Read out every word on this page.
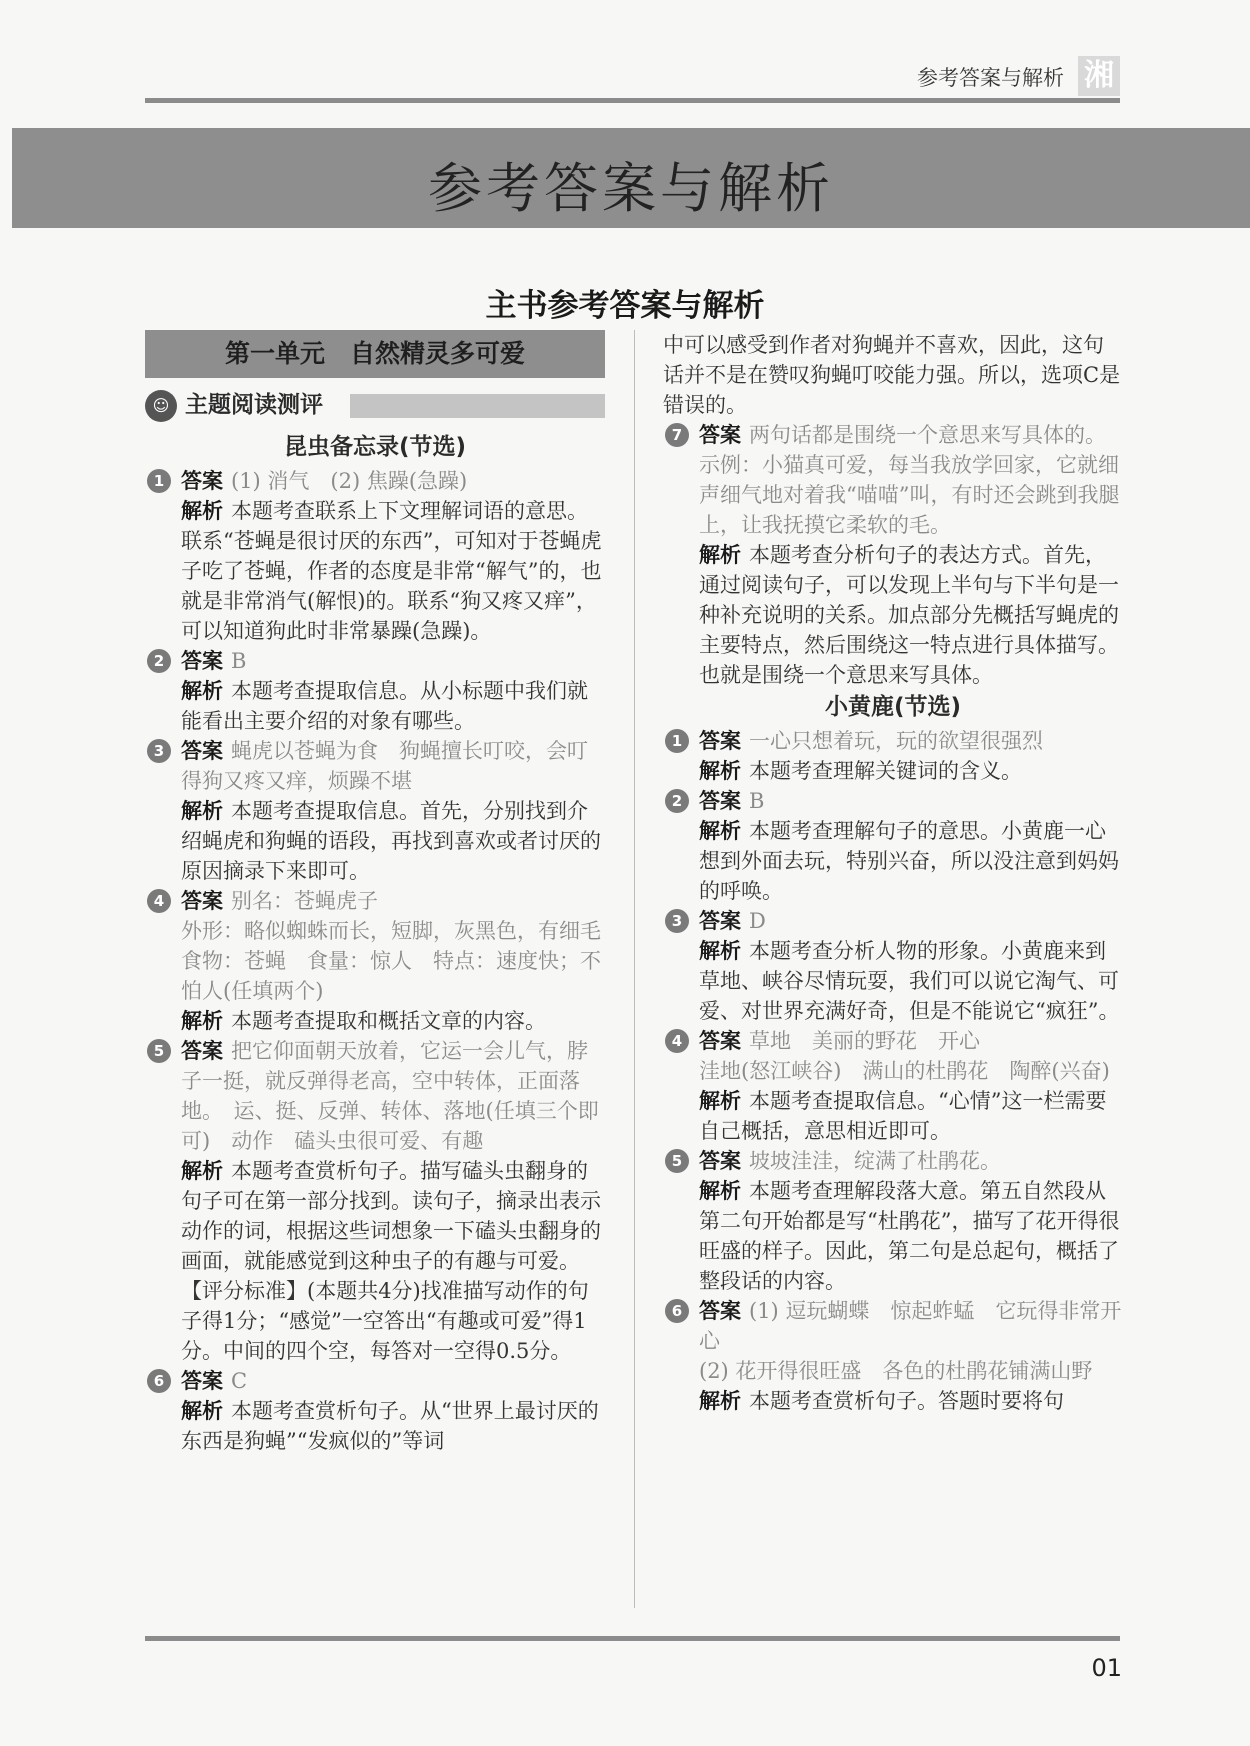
参考答案与解析 湘
参考答案与解析
主书参考答案与解析
第一单元　自然精灵多可爱
☺ 主题阅读测评
昆虫备忘录(节选)
1 答案 (1) 消气　(2) 焦躁(急躁)
解析 本题考查联系上下文理解词语的意思。联系“苍蝇是很讨厌的东西”，可知对于苍蝇虎子吃了苍蝇，作者的态度是非常“解气”的，也就是非常消气(解恨)的。联系“狗又疼又痒”，可以知道狗此时非常暴躁(急躁)。
2 答案 B
解析 本题考查提取信息。从小标题中我们就能看出主要介绍的对象有哪些。
3 答案 蝇虎以苍蝇为食　狗蝇擅长叮咬，会叮得狗又疼又痒，烦躁不堪
解析 本题考查提取信息。首先，分别找到介绍蝇虎和狗蝇的语段，再找到喜欢或者讨厌的原因摘录下来即可。
4 答案 别名：苍蝇虎子
外形：略似蜘蛛而长，短脚，灰黑色，有细毛
食物：苍蝇　食量：惊人　特点：速度快；不怕人(任填两个)
解析 本题考查提取和概括文章的内容。
5 答案 把它仰面朝天放着，它运一会儿气，脖子一挺，就反弹得老高，空中转体，正面落地。　运、挺、反弹、转体、落地(任填三个即可)　动作　磕头虫很可爱、有趣
解析 本题考查赏析句子。描写磕头虫翻身的句子可在第一部分找到。读句子，摘录出表示动作的词，根据这些词想象一下磕头虫翻身的画面，就能感觉到这种虫子的有趣与可爱。
【评分标准】(本题共4分)找准描写动作的句子得1分；“感觉”一空答出“有趣或可爱”得1分。中间的四个空，每答对一空得0.5分。
6 答案 C
解析 本题考查赏析句子。从“世界上最讨厌的东西是狗蝇”“发疯似的”等词
中可以感受到作者对狗蝇并不喜欢，因此，这句话并不是在赞叹狗蝇叮咬能力强。所以，选项C是错误的。
7 答案 两句话都是围绕一个意思来写具体的。
示例：小猫真可爱，每当我放学回家，它就细声细气地对着我“喵喵”叫，有时还会跳到我腿上，让我抚摸它柔软的毛。
解析 本题考查分析句子的表达方式。首先，通过阅读句子，可以发现上半句与下半句是一种补充说明的关系。加点部分先概括写蝇虎的主要特点，然后围绕这一特点进行具体描写。也就是围绕一个意思来写具体。
小黄鹿(节选)
1 答案 一心只想着玩，玩的欲望很强烈
解析 本题考查理解关键词的含义。
2 答案 B
解析 本题考查理解句子的意思。小黄鹿一心想到外面去玩，特别兴奋，所以没注意到妈妈的呼唤。
3 答案 D
解析 本题考查分析人物的形象。小黄鹿来到草地、峡谷尽情玩耍，我们可以说它淘气、可爱、对世界充满好奇，但是不能说它“疯狂”。
4 答案 草地　美丽的野花　开心
洼地(怒江峡谷)　满山的杜鹃花　陶醉(兴奋)
解析 本题考查提取信息。“心情”这一栏需要自己概括，意思相近即可。
5 答案 坡坡洼洼，绽满了杜鹃花。
解析 本题考查理解段落大意。第五自然段从第二句开始都是写“杜鹃花”，描写了花开得很旺盛的样子。因此，第二句是总起句，概括了整段话的内容。
6 答案 (1) 逗玩蝴蝶　惊起蚱蜢　它玩得非常开心
(2) 花开得很旺盛　各色的杜鹃花铺满山野
解析 本题考查赏析句子。答题时要将句
01
